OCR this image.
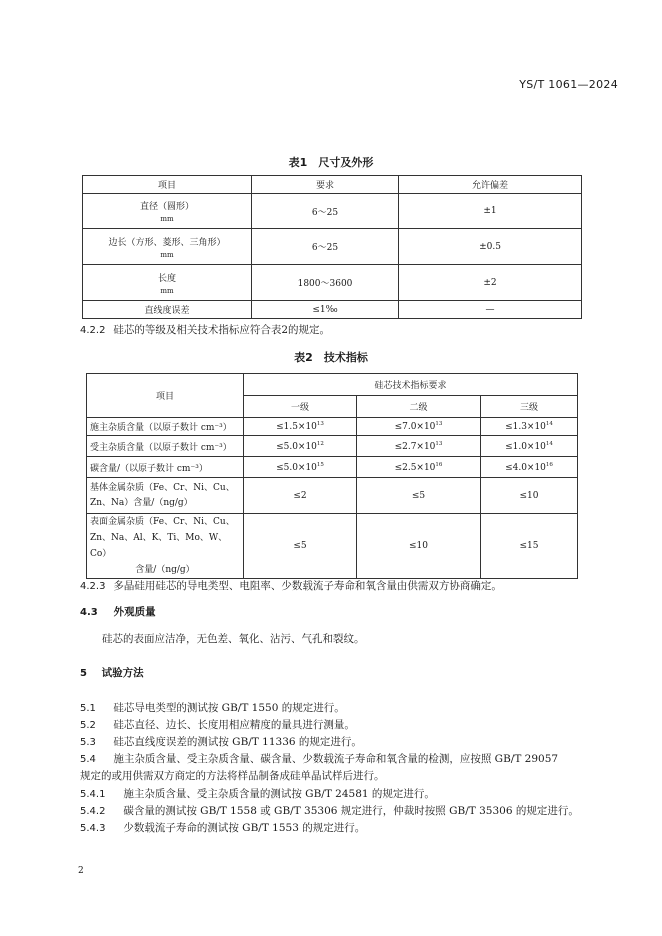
YS/T 1061—2024
表1　尺寸及外形
项目	要求	允许偏差

直径（圆形）
mm	6～25	±1

边长（方形、菱形、三角形）
mm	6～25	±0.5

长度
mm	1800～3600	±2
直线度误差	≤1‰	—
4.2.2 硅芯的等级及相关技术指标应符合表2的规定。
表2　技术指标
项目	硅芯技术指标要求		
	一级	二级	三级
施主杂质含量（以原子数计 cm⁻³）	$\le 1.5\times 10^{13}$	$\le 7.0\times 10^{13}$	$\le 1.3\times 10^{14}$
受主杂质含量（以原子数计 cm⁻³）	$\le 5.0\times 10^{12}$	$\le 2.7\times 10^{13}$	$\le 1.0\times 10^{14}$
碳含量/（以原子数计 cm⁻³）	$\le 5.0\times 10^{15}$	$\le 2.5\times 10^{16}$	$\le 4.0\times 10^{16}$

基体金属杂质（Fe、Cr、Ni、Cu、
Zn、Na）含量/（ng/g）	≤2	≤5	≤10

表面金属杂质（Fe、Cr、Ni、Cu、
Zn、Na、Al、K、Ti、Mo、W、Co）
含量/（ng/g）	≤5	≤10	≤15
4.2.3 多晶硅用硅芯的导电类型、电阻率、少数载流子寿命和氧含量由供需双方协商确定。
4.3 外观质量
硅芯的表面应洁净，无色差、氧化、沾污、气孔和裂纹。
5 试验方法
5.1 硅芯导电类型的测试按 GB/T 1550 的规定进行。
5.2 硅芯直径、边长、长度用相应精度的量具进行测量。
5.3 硅芯直线度误差的测试按 GB/T 11336 的规定进行。
5.4 施主杂质含量、受主杂质含量、碳含量、少数载流子寿命和氧含量的检测，应按照 GB/T 29057
规定的或用供需双方商定的方法将样品制备成硅单晶试样后进行。
5.4.1 施主杂质含量、受主杂质含量的测试按 GB/T 24581 的规定进行。
5.4.2 碳含量的测试按 GB/T 1558 或 GB/T 35306 规定进行，仲裁时按照 GB/T 35306 的规定进行。
5.4.3 少数载流子寿命的测试按 GB/T 1553 的规定进行。
2
